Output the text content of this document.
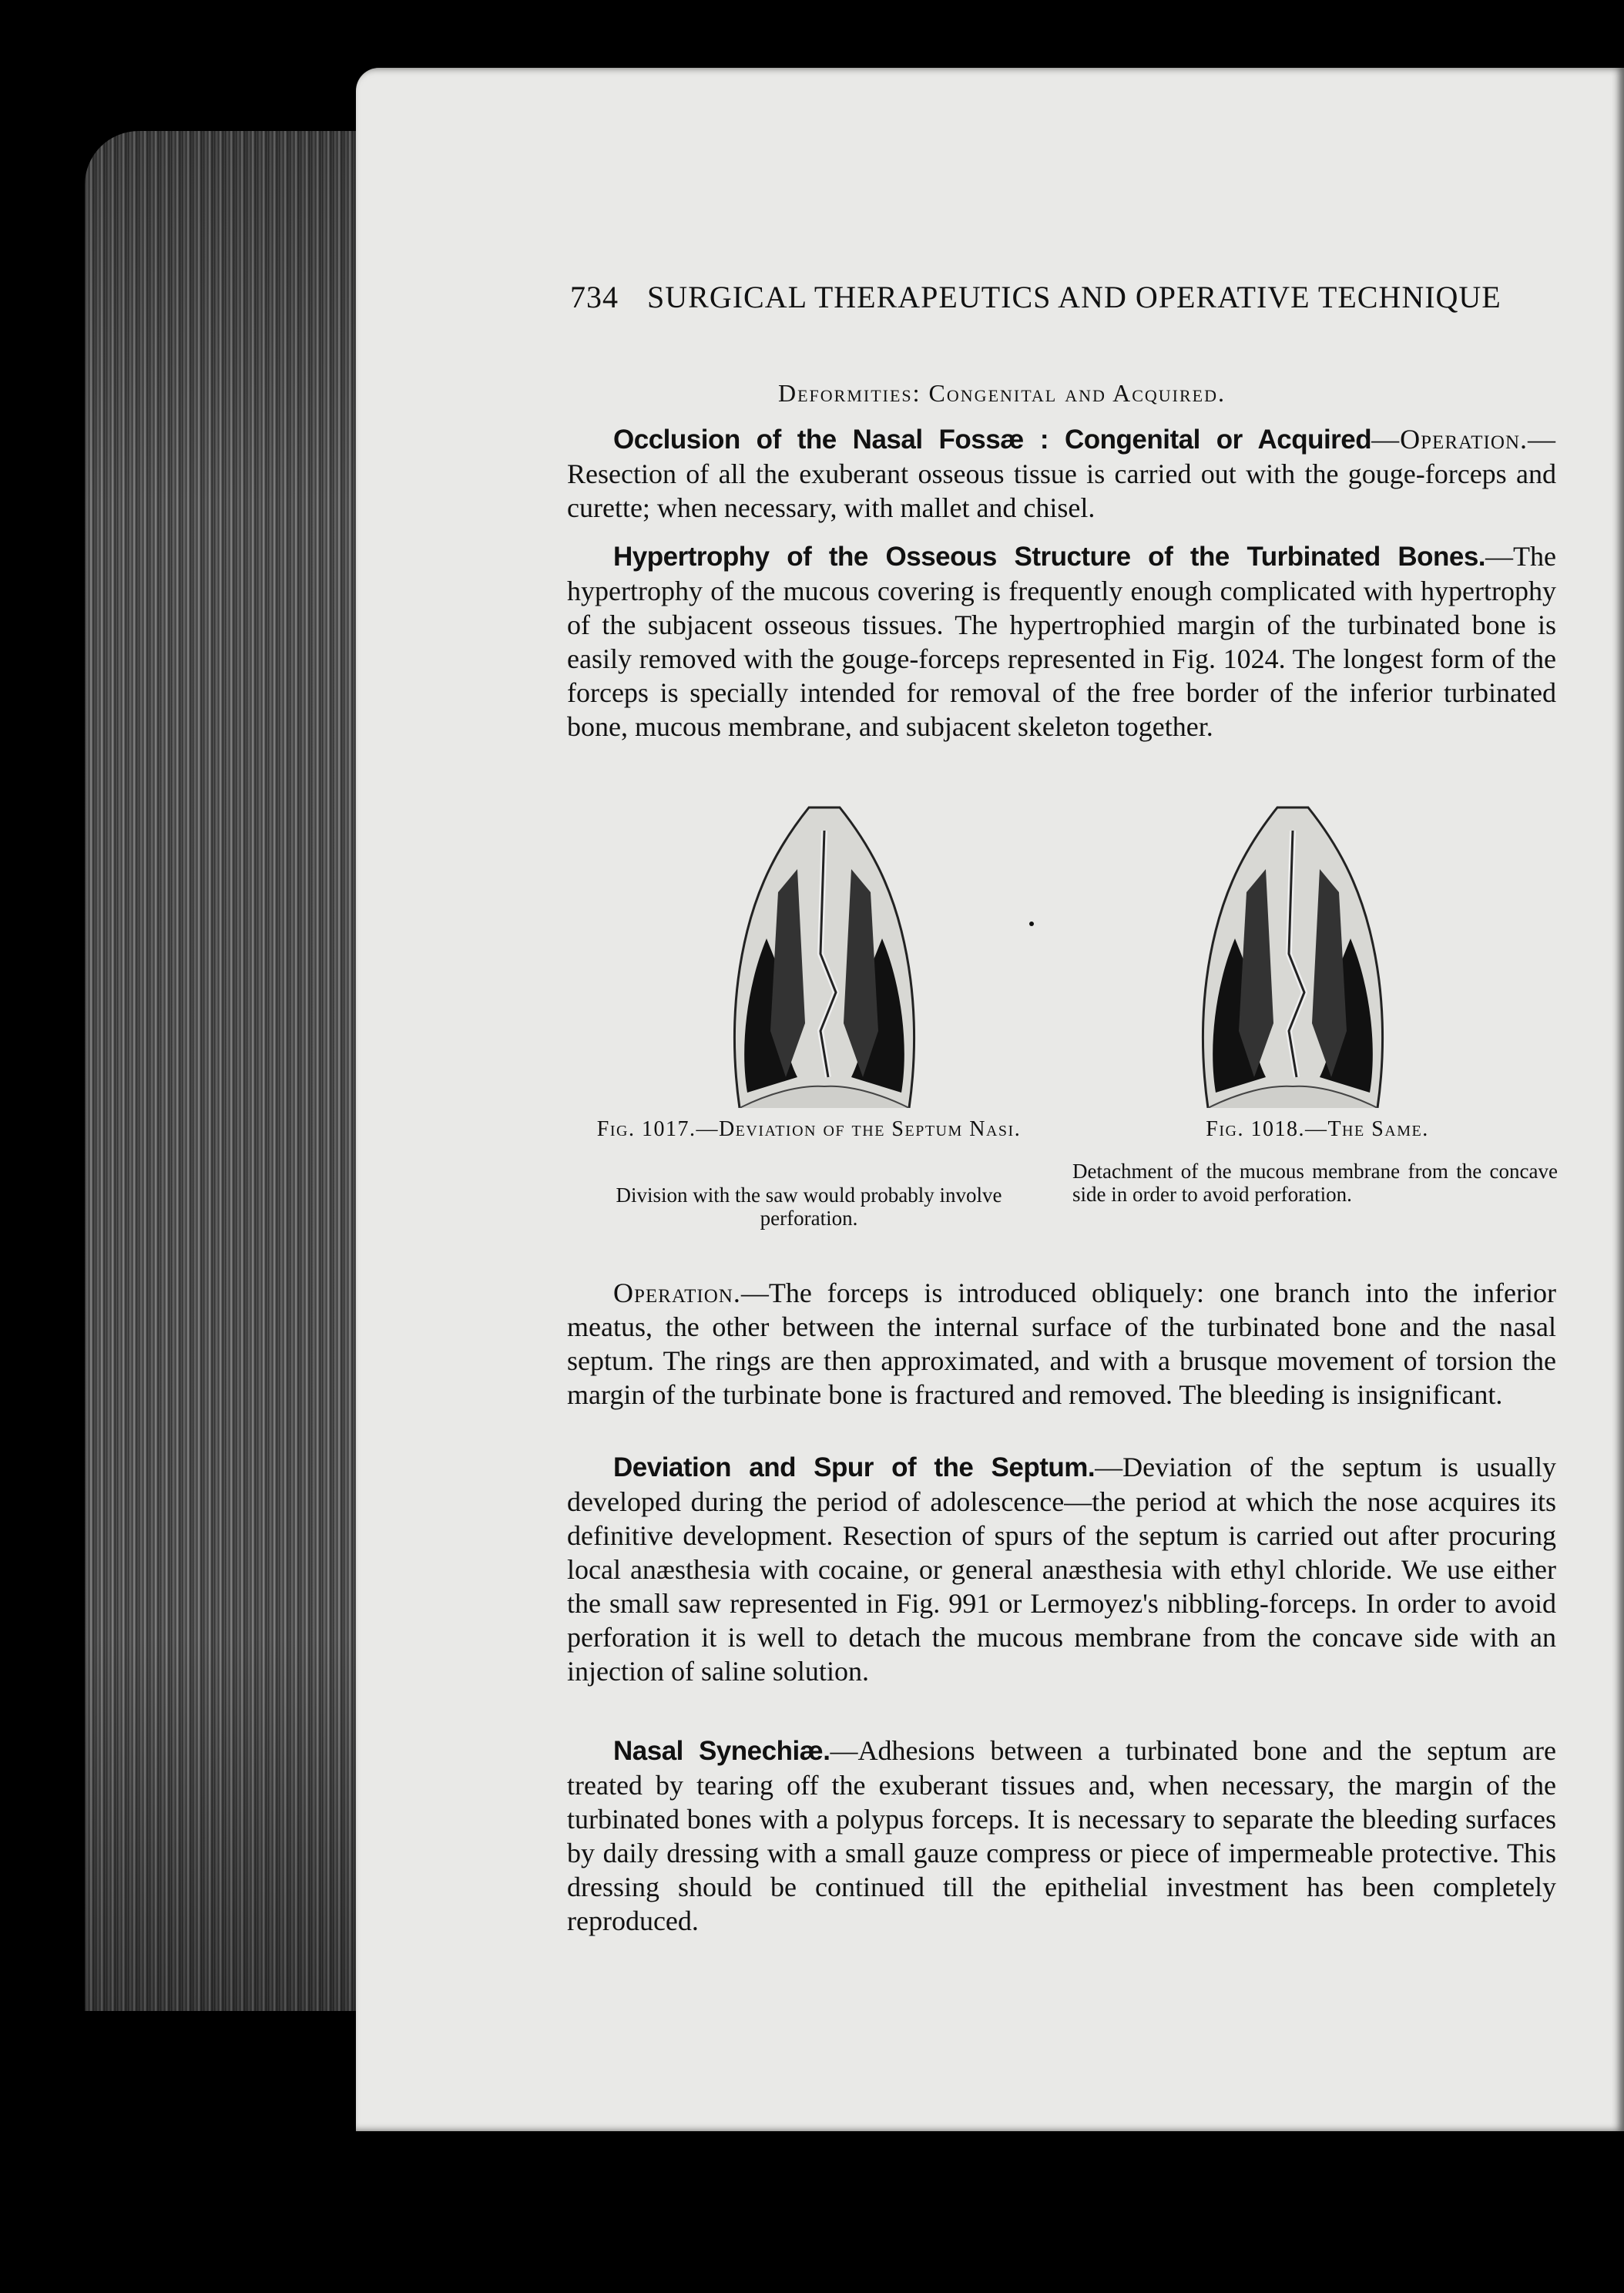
734 SURGICAL THERAPEUTICS AND OPERATIVE TECHNIQUE
Deformities: Congenital and Acquired.
Occlusion of the Nasal Fossæ : Congenital or Acquired—Operation.— Resection of all the exuberant osseous tissue is carried out with the gouge-forceps and curette; when necessary, with mallet and chisel.
Hypertrophy of the Osseous Structure of the Turbinated Bones.—The hypertrophy of the mucous covering is frequently enough complicated with hypertrophy of the subjacent osseous tissues. The hypertrophied margin of the turbinated bone is easily removed with the gouge-forceps represented in Fig. 1024. The longest form of the forceps is specially intended for removal of the free border of the inferior turbinated bone, mucous membrane, and subjacent skeleton together.
Fig. 1017.—Deviation of the Septum Nasi.
Division with the saw would probably involve perforation.
Fig. 1018.—The Same.
Detachment of the mucous membrane from the concave side in order to avoid perforation.
Operation.—The forceps is introduced obliquely: one branch into the inferior meatus, the other between the internal surface of the turbinated bone and the nasal septum. The rings are then approximated, and with a brusque movement of torsion the margin of the turbinate bone is fractured and removed. The bleeding is insignificant.
Deviation and Spur of the Septum.—Deviation of the septum is usually developed during the period of adolescence—the period at which the nose acquires its definitive development. Resection of spurs of the septum is carried out after procuring local anæsthesia with cocaine, or general anæsthesia with ethyl chloride. We use either the small saw represented in Fig. 991 or Lermoyez's nibbling-forceps. In order to avoid perforation it is well to detach the mucous membrane from the concave side with an injection of saline solution.
Nasal Synechiæ.—Adhesions between a turbinated bone and the septum are treated by tearing off the exuberant tissues and, when necessary, the margin of the turbinated bones with a polypus forceps. It is necessary to separate the bleeding surfaces by daily dressing with a small gauze compress or piece of impermeable protective. This dressing should be continued till the epithelial investment has been completely reproduced.
